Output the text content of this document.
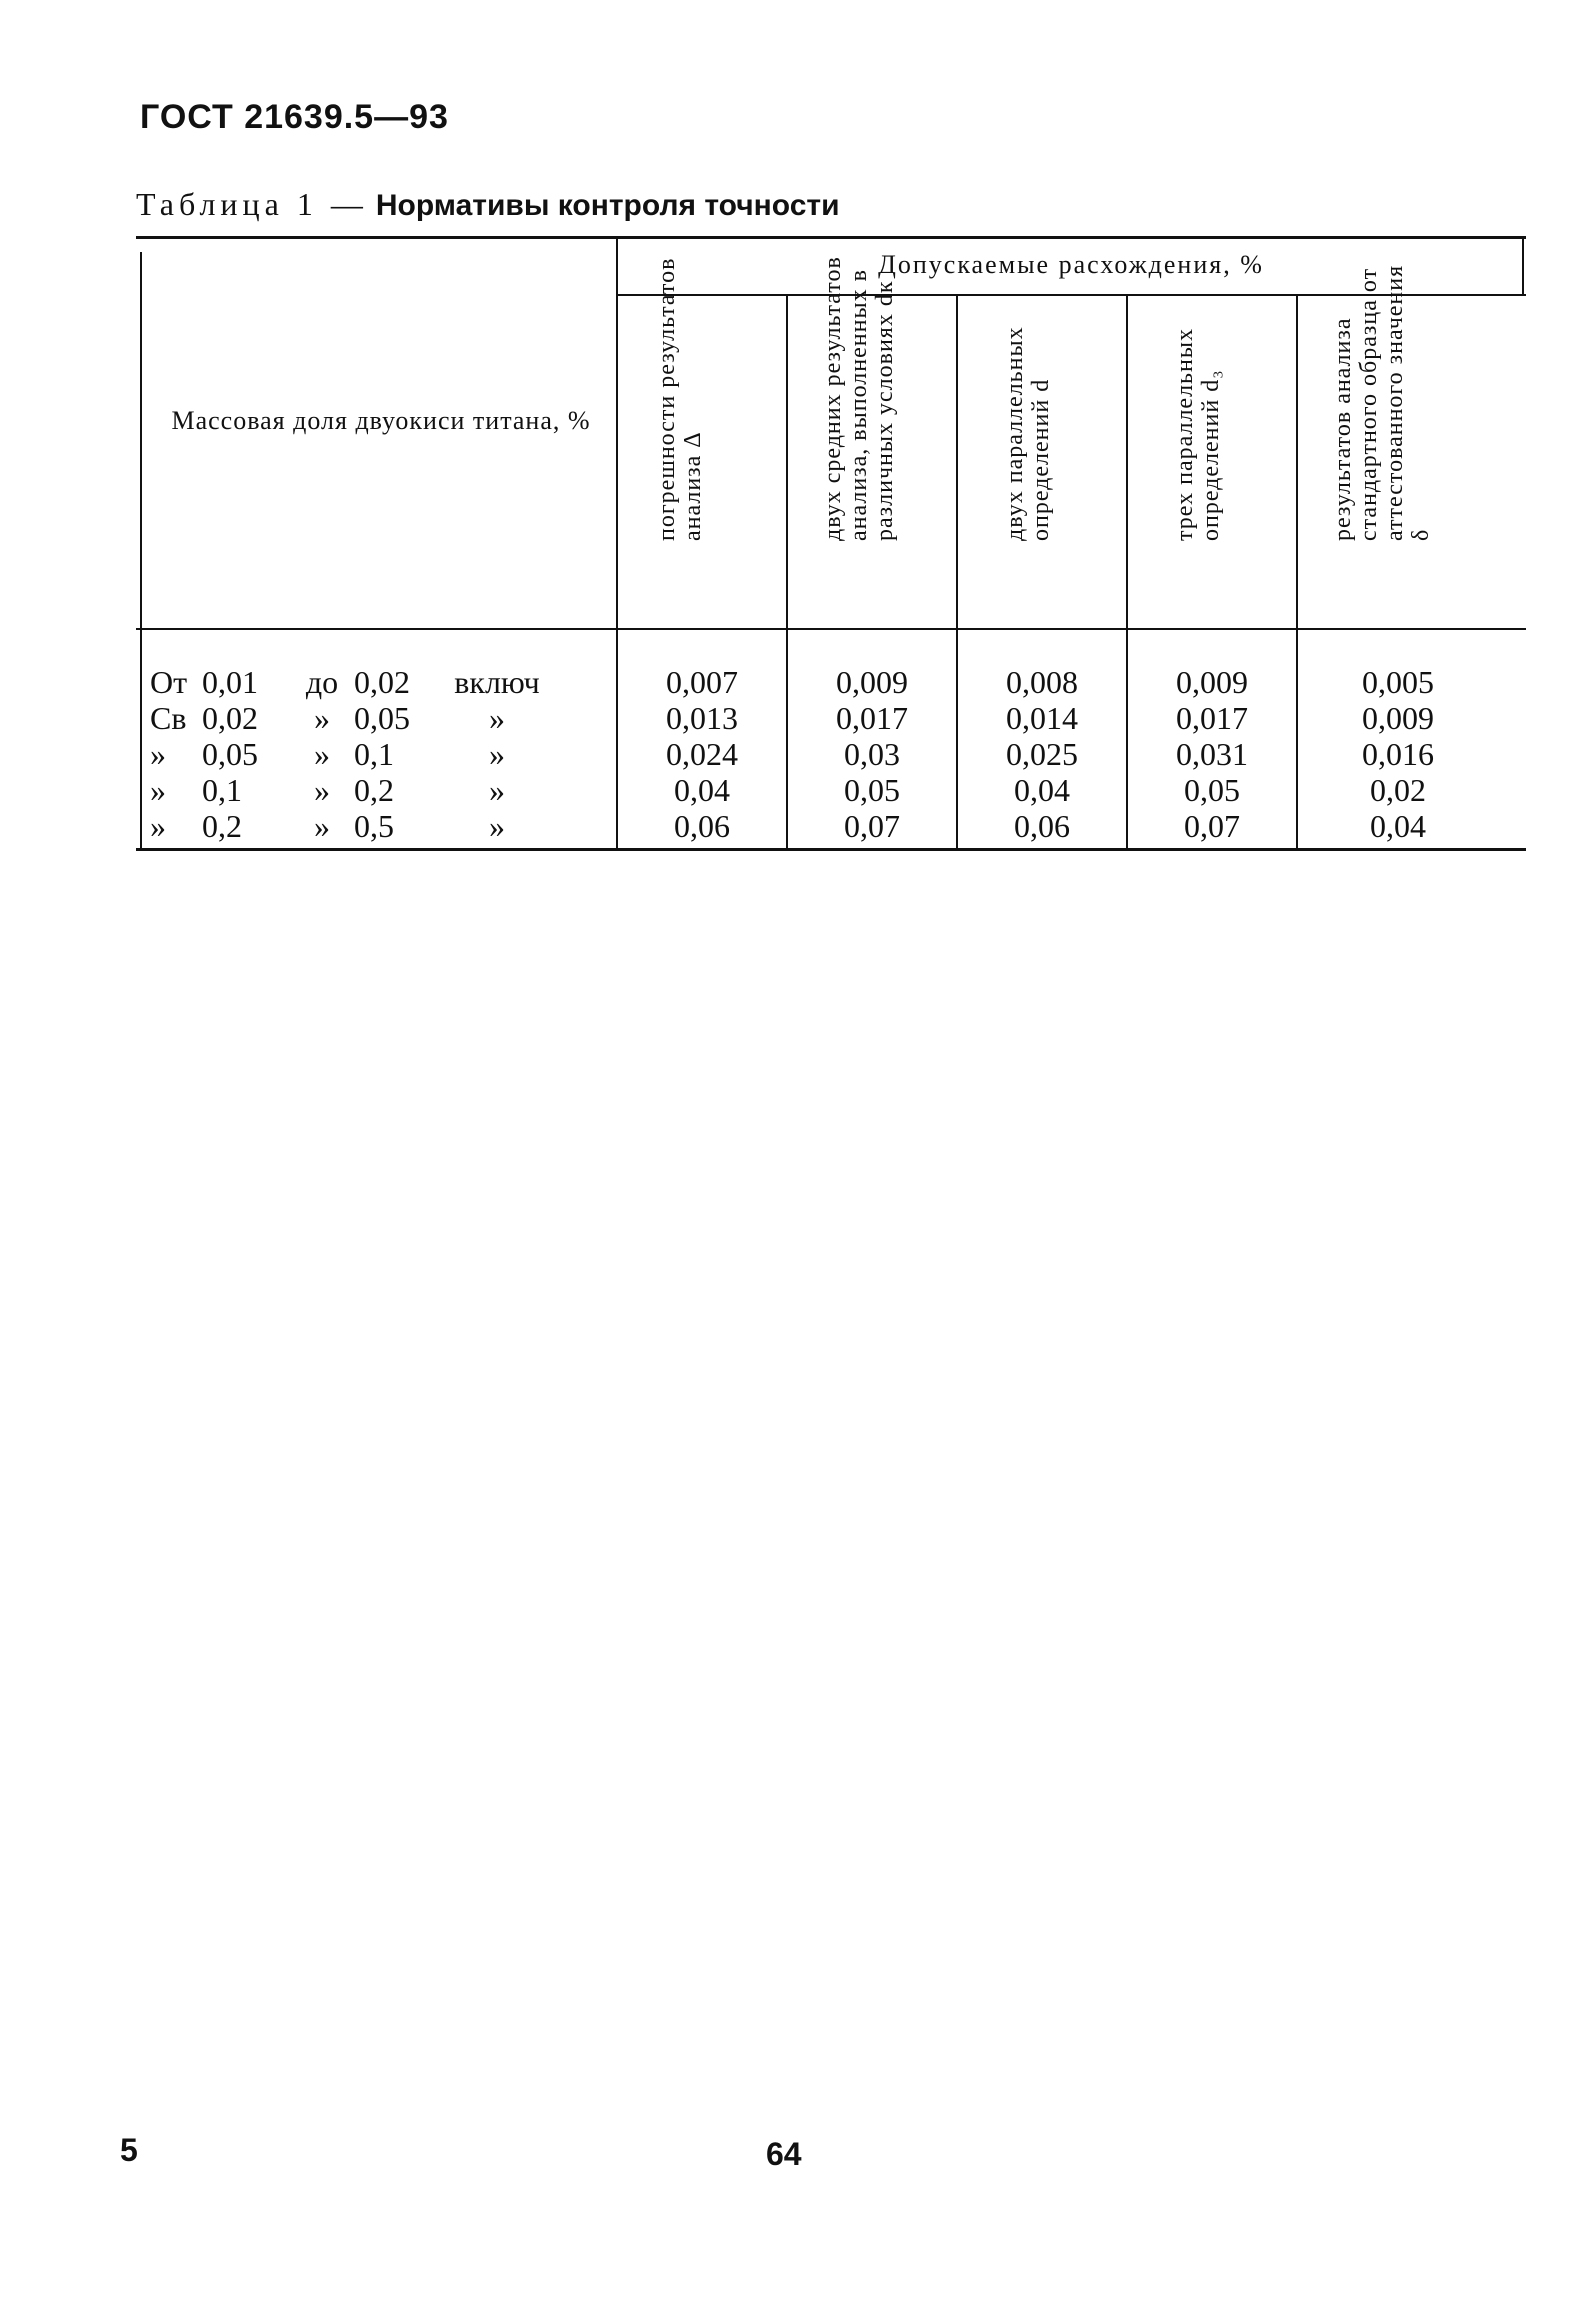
ГОСТ 21639.5—93
Таблица 1 — Нормативы контроля точности
Массовая доля двуокиси титана, %
Допускаемые расхождения, %
погрешности результатов анализа Δ	двух средних результатов анализа, выполненных в различных условиях dк	двух параллельных определений d	трех параллельных определений d₃	результатов анализа стандартного образца от аттестованного значения δ
От 0,01	до 0,02	включ	0,007	0,009	0,008	0,009	0,005
Св 0,02	» 0,05	»	0,013	0,017	0,014	0,017	0,009
»	0,05	» 0,1	»	0,024	0,03	0,025	0,031	0,016
»	0,1	» 0,2	»	0,04	0,05	0,04	0,05	0,02
»	0,2	» 0,5	»	0,06	0,07	0,06	0,07	0,04
5	64
